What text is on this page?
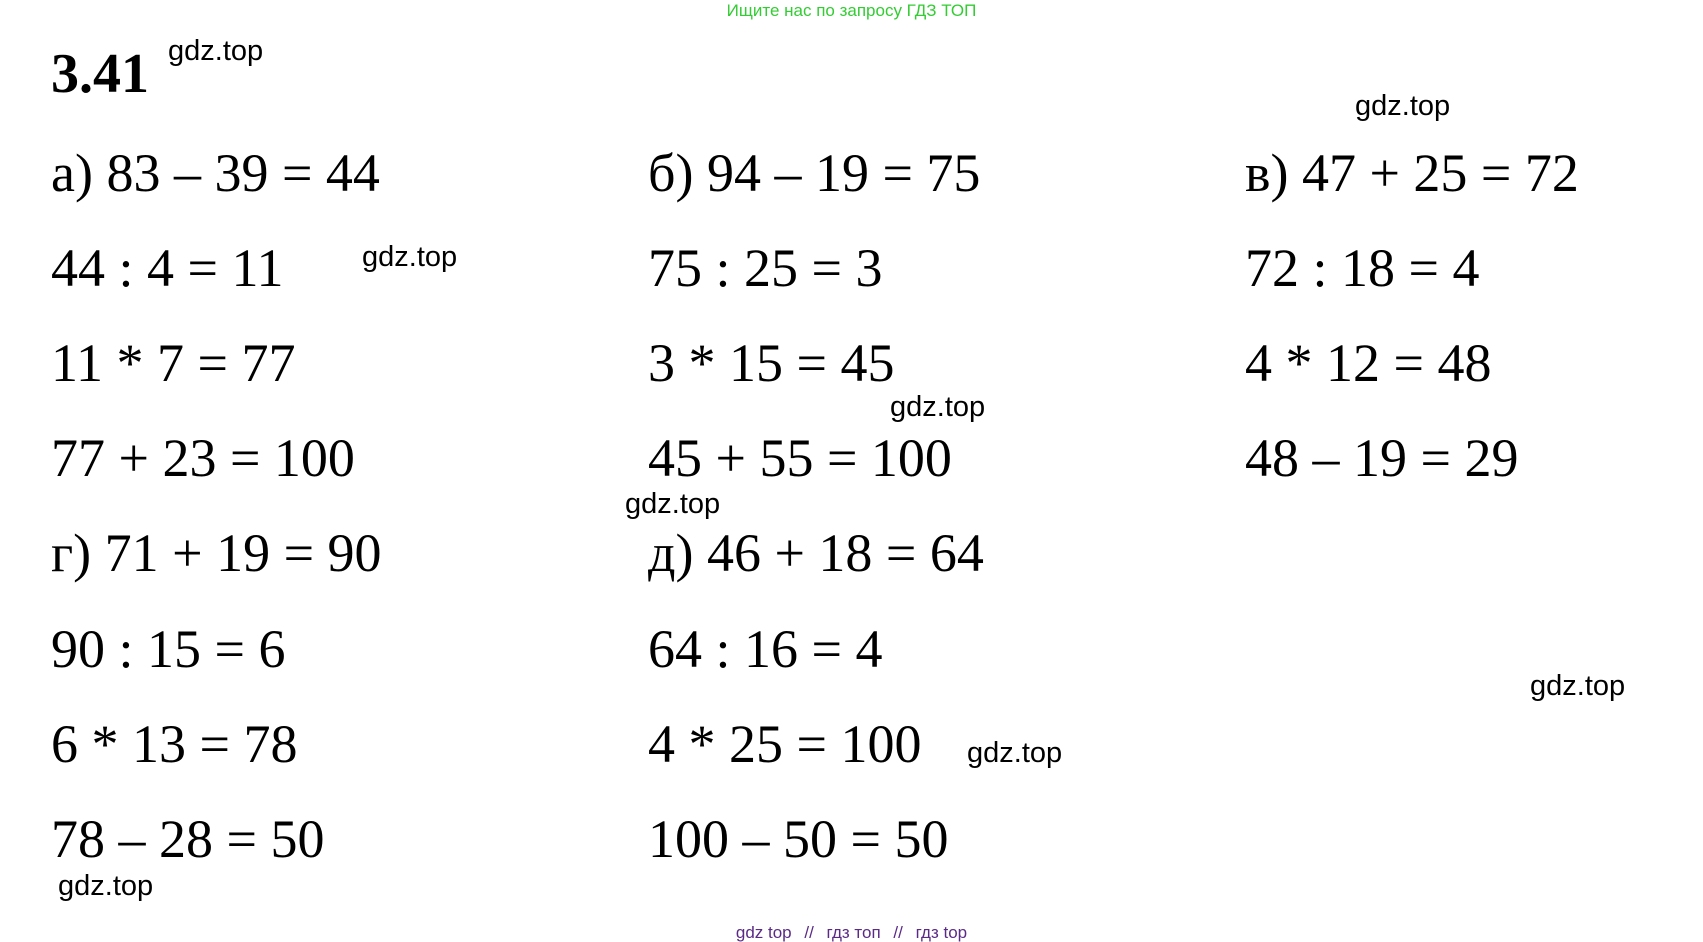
Ищите нас по запросу ГДЗ ТОП
3.41
а) 83 – 39 = 44
44 : 4 = 11
11 * 7 = 77
77 + 23 = 100
б) 94 – 19 = 75
75 : 25 = 3
3 * 15 = 45
45 + 55 = 100
в) 47 + 25 = 72
72 : 18 = 4
4 * 12 = 48
48 – 19 = 29
г) 71 + 19 = 90
90 : 15 = 6
6 * 13 = 78
78 – 28 = 50
д) 46 + 18 = 64
64 : 16 = 4
4 * 25 = 100
100 – 50 = 50
gdz.top
gdz.top
gdz.top
gdz.top
gdz.top
gdz.top
gdz.top
gdz.top
gdz top // гдз топ // гдз top
